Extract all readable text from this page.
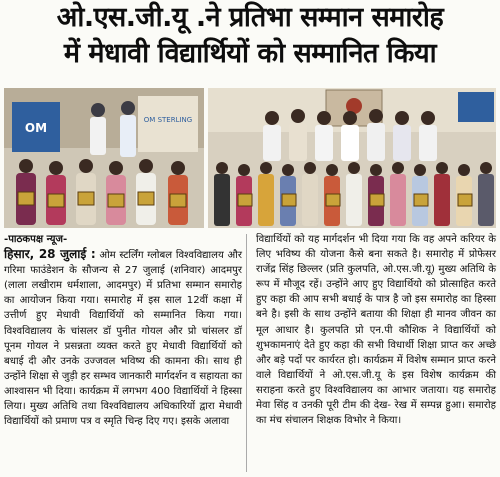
ओ.एस.जी.यू .ने प्रतिभा सम्मान समारोह
में मेधावी विद्यार्थियों को सम्मानित किया
OM
OM STERLING
-पाठकपक्ष न्यूज-
हिसार, 28 जुलाई : ओम स्टर्लिंग ग्लोबल विश्वविद्यालय और गरिमा फाउंडेशन के सौजन्य से 27 जुलाई (शनिवार) आदमपुर (लाला लखीराम धर्मशाला, आदमपुर) में प्रतिभा सम्मान समारोह का आयोजन किया गया। समारोह में इस साल 12वीं कक्षा में उत्तीर्ण हुए मेधावी विद्यार्थियों को सम्मानित किया गया। विश्वविद्यालय के चांसलर डॉ पुनीत गोयल और प्रो चांसलर डॉ पूनम गोयल ने प्रसन्नता व्यक्त करते हुए मेधावी विद्यार्थियों को बधाई दी और उनके उज्जवल भविष्य की कामना की। साथ ही उन्होंने शिक्षा से जुड़ी हर सम्भव जानकारी मार्गदर्शन व सहायता का आश्वासन भी दिया। कार्यक्रम में लगभग 400 विद्यार्थियों ने हिस्सा लिया। मुख्य अतिथि तथा विश्वविद्यालय अधिकारियों द्वारा मेधावी विद्यार्थियों को प्रमाण पत्र व स्मृति चिन्ह दिए गए। इसके अलावा
विद्यार्थियों को यह मार्गदर्शन भी दिया गया कि वह अपने करियर के लिए भविष्य की योजना कैसे बना सकते है। समारोह में प्रोफेसर राजेंद्र सिंह छिल्लर (प्रति कुलपति, ओ.एस.जी.यू) मुख्य अतिथि के रूप में मौजूद रहें। उन्होंने आए हुए विद्यार्थियो को प्रोत्साहित करते हुए कहा की आप सभी बधाई के पात्र है जो इस समारोह का हिस्सा बने है। इसी के साथ उन्होंने बताया की शिक्षा ही मानव जीवन का मूल आधार है। कुलपति प्रो एन.पी कौशिक ने विद्यार्थियों को शुभकामनाएं देते हुए कहा की सभी विधार्थी शिक्षा प्राप्त कर अच्छे और बड़े पदों पर कार्यरत हो। कार्यक्रम में विशेष सम्मान प्राप्त करने वाले विद्यार्थियों ने ओ.एस.जी.यू के इस विशेष कार्यक्रम की सराहना करते हुए विश्वविद्यालय का आभार जताया। यह समारोह मेवा सिंह व उनकी पूरी टीम की देख- रेख में सम्पन्न हुआ। समारोह का मंच संचालन शिक्षक विभोर ने किया।
